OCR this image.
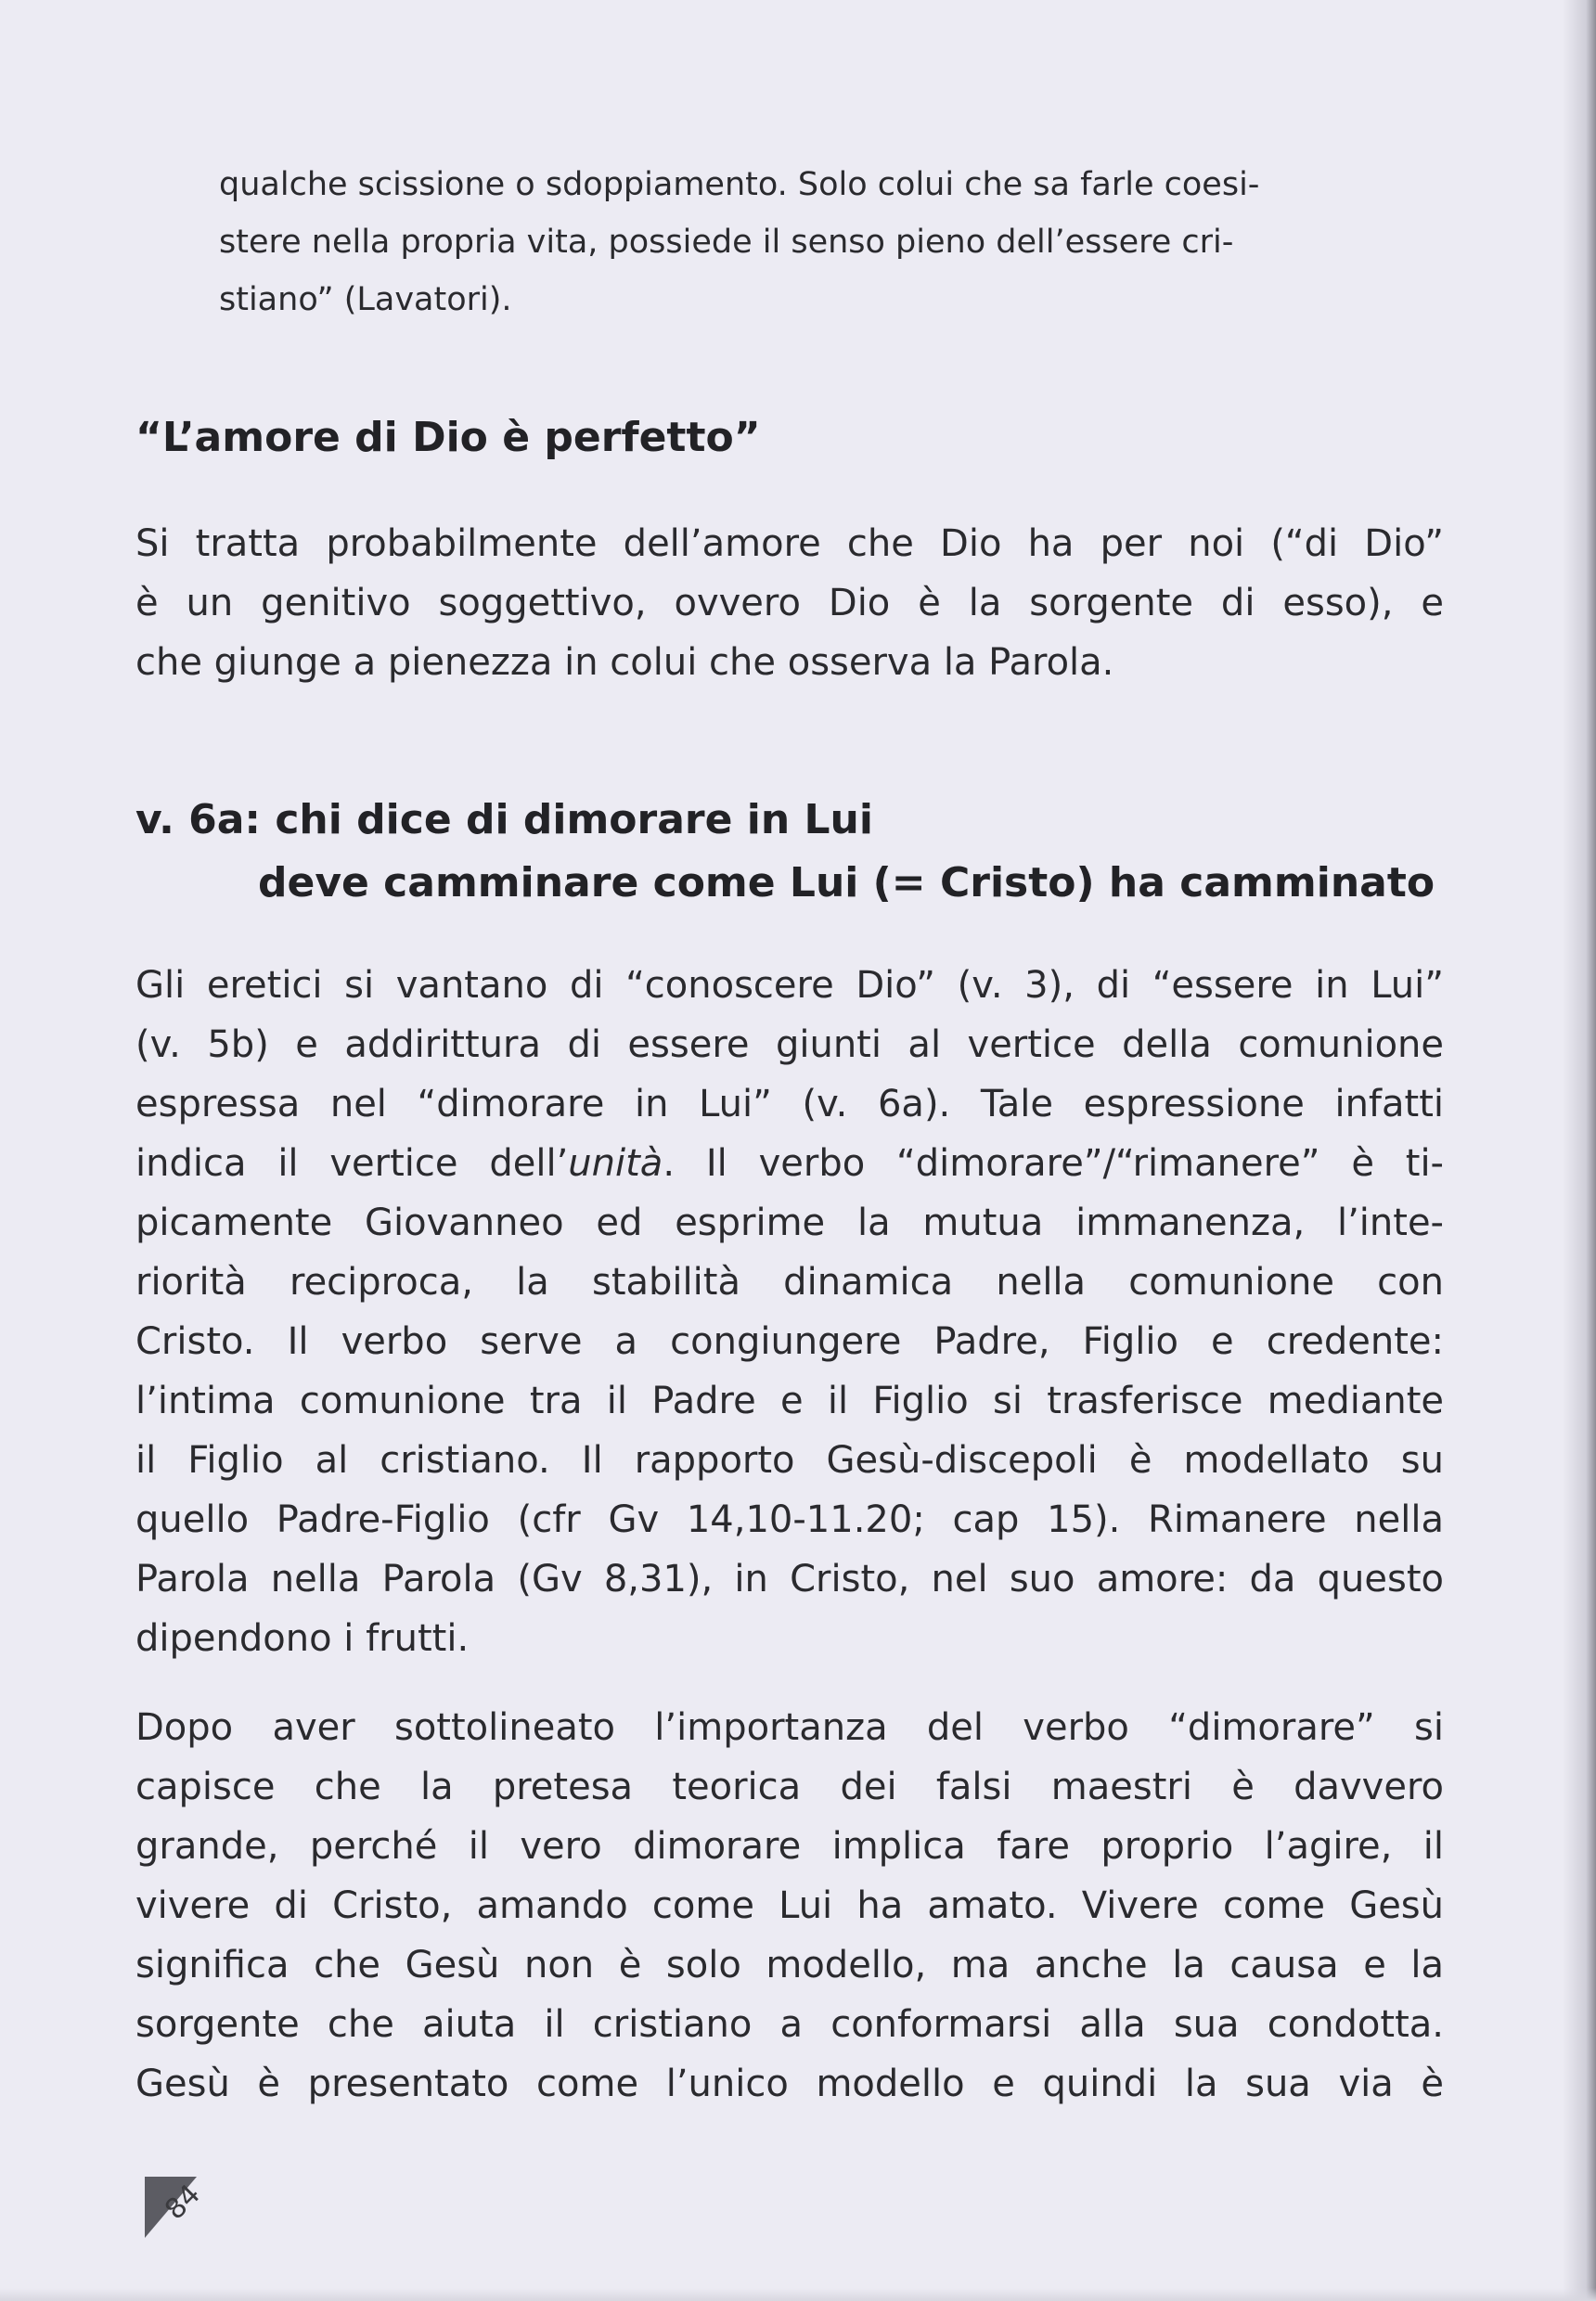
qualche scissione o sdoppiamento. Solo colui che sa farle coesi-
stere nella propria vita, possiede il senso pieno dell’essere cri-
stiano” (Lavatori).
“L’amore di Dio è perfetto”
Si tratta probabilmente dell’amore che Dio ha per noi (“di Dio”
è un genitivo soggettivo, ovvero Dio è la sorgente di esso), e
che giunge a pienezza in colui che osserva la Parola.
v. 6a: chi dice di dimorare in Lui
deve camminare come Lui (= Cristo) ha camminato
Gli eretici si vantano di “conoscere Dio” (v. 3), di “essere in Lui”
(v. 5b) e addirittura di essere giunti al vertice della comunione
espressa nel “dimorare in Lui” (v. 6a). Tale espressione infatti
indica il vertice dell’unità. Il verbo “dimorare”/“rimanere” è ti-
picamente Giovanneo ed esprime la mutua immanenza, l’inte-
riorità reciproca, la stabilità dinamica nella comunione con
Cristo. Il verbo serve a congiungere Padre, Figlio e credente:
l’intima comunione tra il Padre e il Figlio si trasferisce mediante
il Figlio al cristiano. Il rapporto Gesù-discepoli è modellato su
quello Padre-Figlio (cfr Gv 14,10-11.20; cap 15). Rimanere nella
Parola nella Parola (Gv 8,31), in Cristo, nel suo amore: da questo
dipendono i frutti.
Dopo aver sottolineato l’importanza del verbo “dimorare” si
capisce che la pretesa teorica dei falsi maestri è davvero
grande, perché il vero dimorare implica fare proprio l’agire, il
vivere di Cristo, amando come Lui ha amato. Vivere come Gesù
significa che Gesù non è solo modello, ma anche la causa e la
sorgente che aiuta il cristiano a conformarsi alla sua condotta.
Gesù è presentato come l’unico modello e quindi la sua via è
84
